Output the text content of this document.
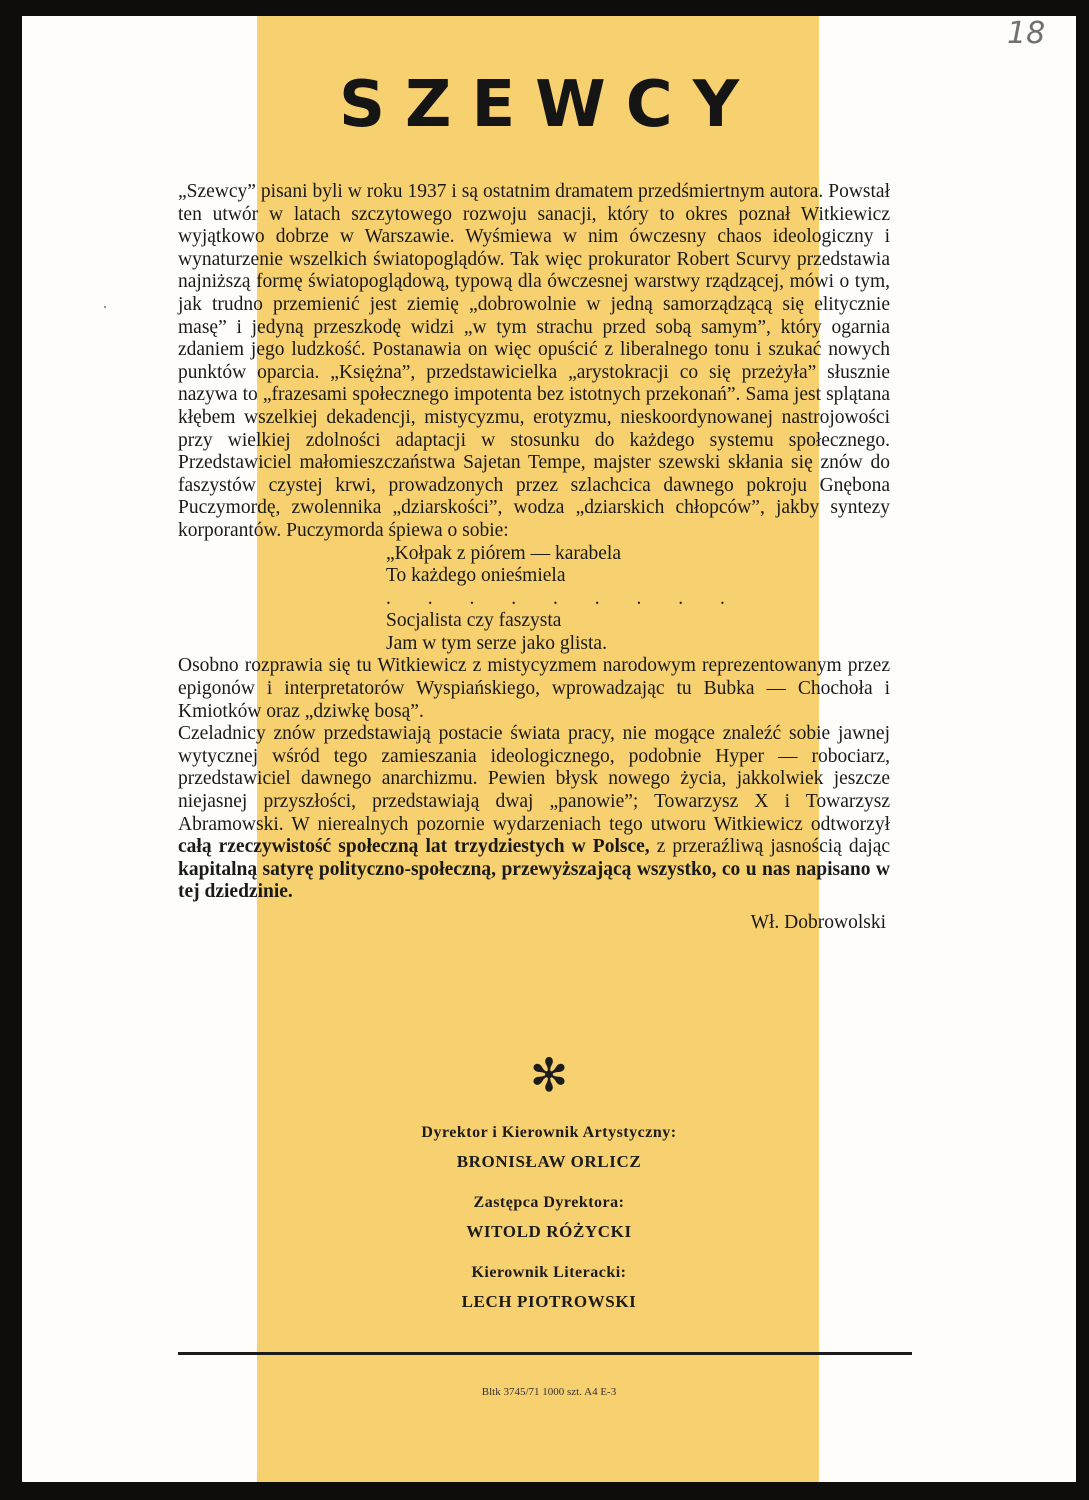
18
SZEWCY

„Szewcy” pisani byli w roku 1937 i są ostatnim dramatem przedśmiertnym autora. Powstał ten utwór w latach szczytowego rozwoju sanacji, który to okres poznał Witkiewicz wyjątkowo dobrze w Warszawie. Wyśmiewa w nim ówczesny chaos ideologiczny i wynaturzenie wszelkich światopoglądów. Tak więc prokurator Robert Scurvy przedstawia najniższą formę światopoglądową, typową dla ówczesnej warstwy rządzącej, mówi o tym, jak trudno przemienić jest ziemię „dobrowolnie w jedną samorządzącą się elitycznie masę” i jedyną przeszkodę widzi „w tym strachu przed sobą samym”, który ogarnia zdaniem jego ludzkość. Postanawia on więc opuścić z liberalnego tonu i szukać nowych punktów oparcia. „Księżna”, przedstawicielka „arystokracji co się przeżyła” słusznie nazywa to „frazesami społecznego impotenta bez istotnych przekonań”. Sama jest splątana kłębem wszelkiej dekadencji, mistycyzmu, erotyzmu, nieskoordynowanej nastrojowości przy wielkiej zdolności adaptacji w stosunku do każdego systemu społecznego. Przedstawiciel małomieszczaństwa Sajetan Tempe, majster szewski skłania się znów do faszystów czystej krwi, prowadzonych przez szlachcica dawnego pokroju Gnębona Puczymordę, zwolennika „dziarskości”, wodza „dziarskich chłopców”, jakby syntezy korporantów. Puczymorda śpiewa o sobie:

„Kołpak z piórem — karabela
To każdego onieśmiela
. . . . . . . . .
Socjalista czy faszysta
Jam w tym serze jako glista.

Osobno rozprawia się tu Witkiewicz z mistycyzmem narodowym reprezentowanym przez epigonów i interpretatorów Wyspiańskiego, wprowadzając tu Bubka — Chochoła i Kmiotków oraz „dziwkę bosą”.

Czeladnicy znów przedstawiają postacie świata pracy, nie mogące znaleźć sobie jawnej wytycznej wśród tego zamieszania ideologicznego, podobnie Hyper — robociarz, przedstawiciel dawnego anarchizmu. Pewien błysk nowego życia, jakkolwiek jeszcze niejasnej przyszłości, przedstawiają dwaj „panowie”; Towarzysz X i Towarzysz Abramowski. W nierealnych pozornie wydarzeniach tego utworu Witkiewicz odtworzył całą rzeczywistość społeczną lat trzydziestych w Polsce, z przeraźliwą jasnością dając kapitalną satyrę polityczno-społeczną, przewyższającą wszystko, co u nas napisano w tej dziedzinie.

Wł. Dobrowolski
✻

Dyrektor i Kierownik Artystyczny:

BRONISŁAW ORLICZ

Zastępca Dyrektora:

WITOLD RÓŻYCKI

Kierownik Literacki:

LECH PIOTROWSKI

Bltk 3745/71 1000 szt. A4 E-3
